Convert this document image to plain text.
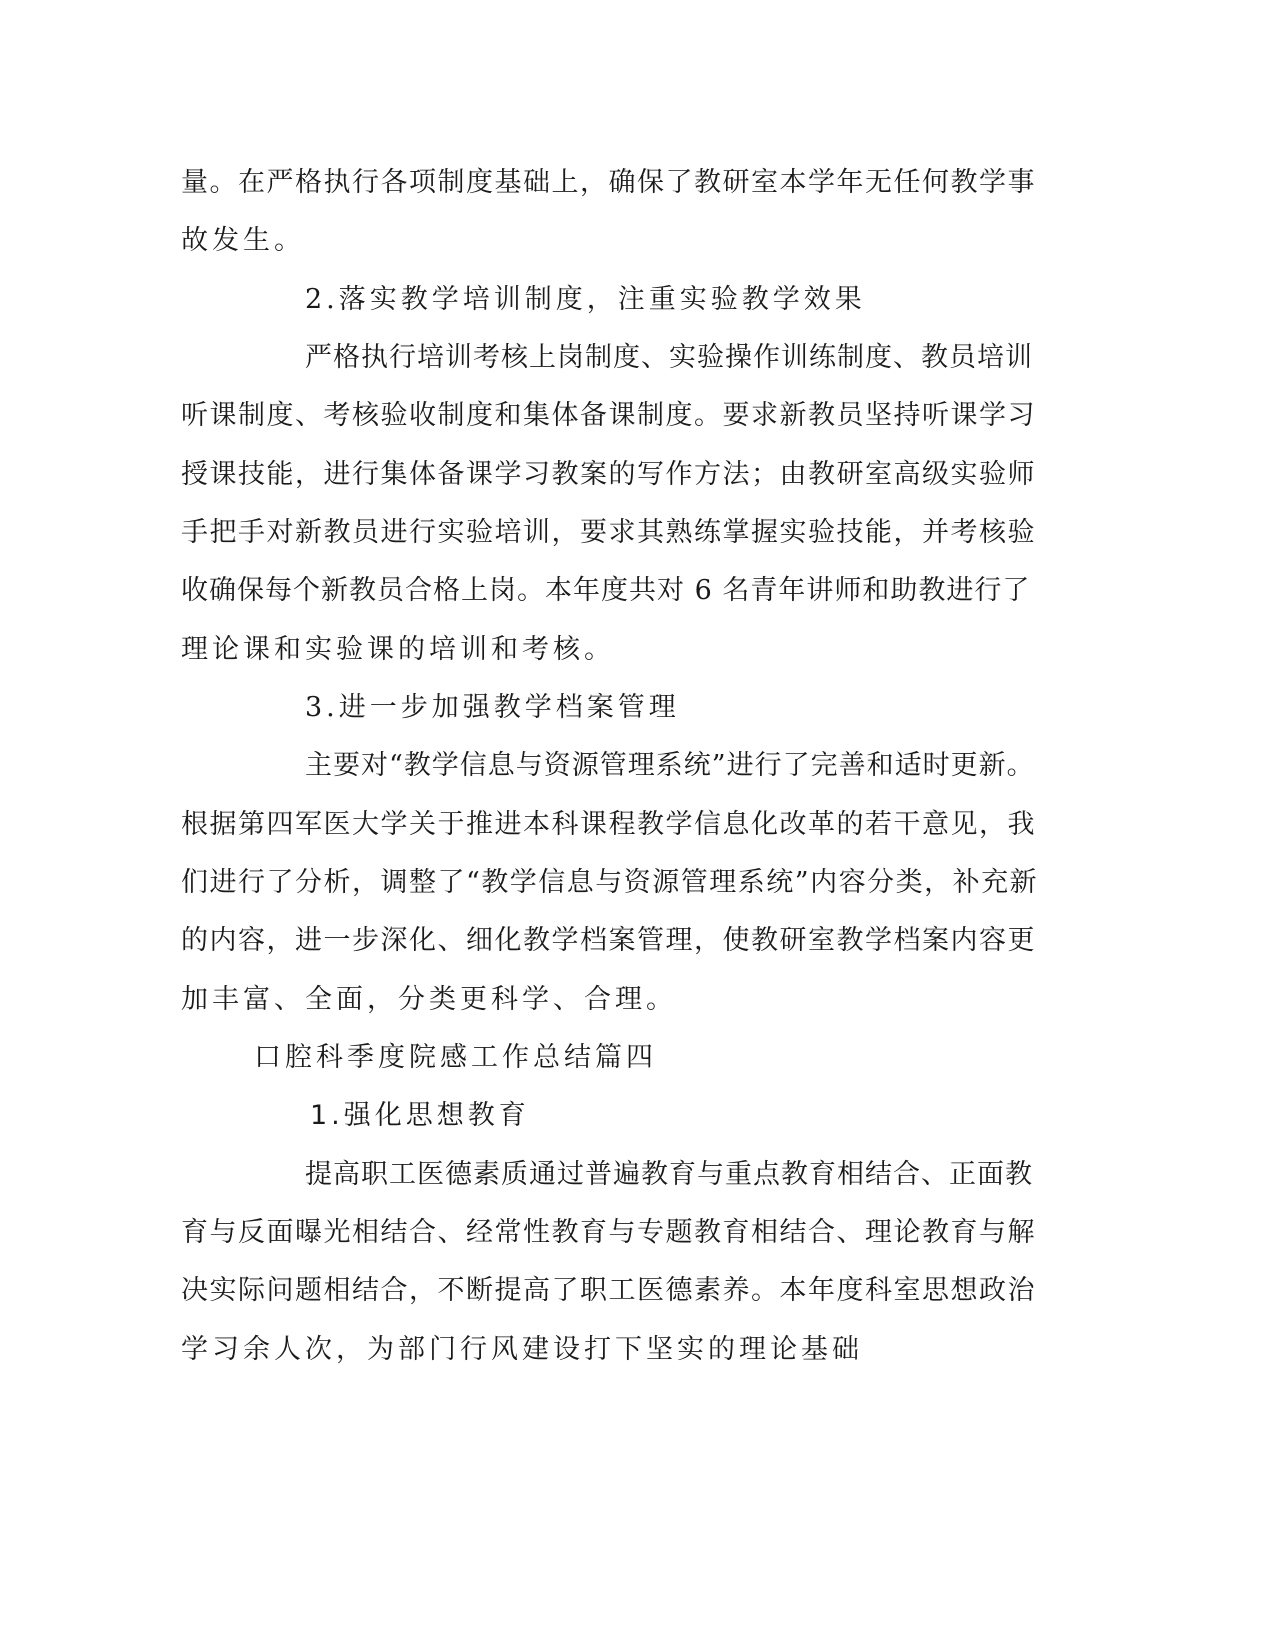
量。在严格执行各项制度基础上，确保了教研室本学年无任何教学事
故发生。
2.落实教学培训制度，注重实验教学效果
严格执行培训考核上岗制度、实验操作训练制度、教员培训
听课制度、考核验收制度和集体备课制度。要求新教员坚持听课学习
授课技能，进行集体备课学习教案的写作方法；由教研室高级实验师
手把手对新教员进行实验培训，要求其熟练掌握实验技能，并考核验
收确保每个新教员合格上岗。本年度共对 6 名青年讲师和助教进行了
理论课和实验课的培训和考核。
3.进一步加强教学档案管理
主要对“教学信息与资源管理系统”进行了完善和适时更新。
根据第四军医大学关于推进本科课程教学信息化改革的若干意见，我
们进行了分析，调整了“教学信息与资源管理系统”内容分类，补充新
的内容，进一步深化、细化教学档案管理，使教研室教学档案内容更
加丰富、全面，分类更科学、合理。
口腔科季度院感工作总结篇四
1.强化思想教育
提高职工医德素质通过普遍教育与重点教育相结合、正面教
育与反面曝光相结合、经常性教育与专题教育相结合、理论教育与解
决实际问题相结合，不断提高了职工医德素养。本年度科室思想政治
学习余人次，为部门行风建设打下坚实的理论基础
